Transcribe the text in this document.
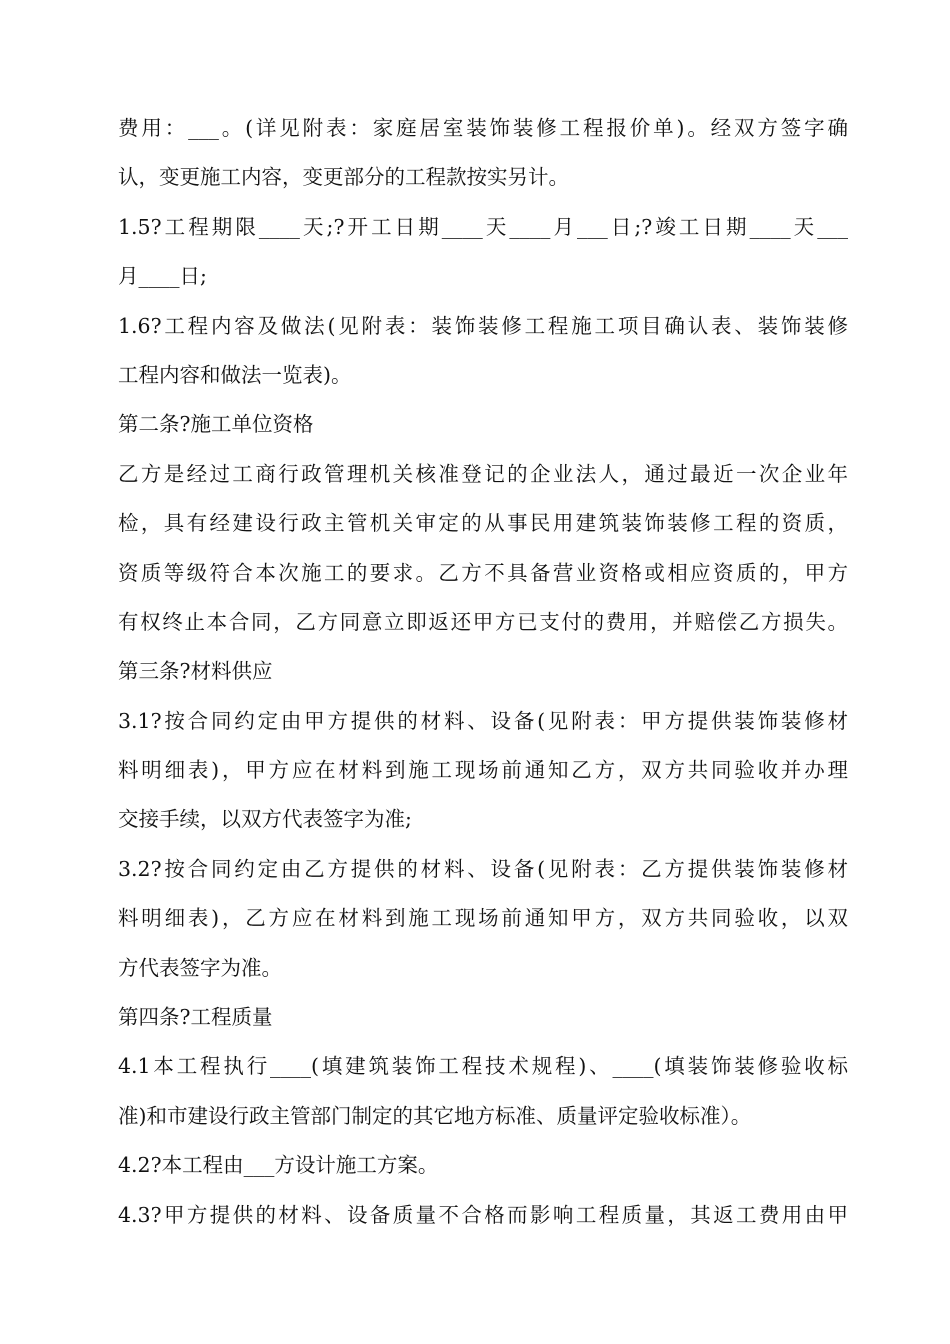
费用：___。(详见附表：家庭居室装饰装修工程报价单)。经双方签字确
认，变更施工内容，变更部分的工程款按实另计。
1.5?工程期限____天;?开工日期____天____月___日;?竣工日期____天___
月____日;
1.6?工程内容及做法(见附表：装饰装修工程施工项目确认表、装饰装修
工程内容和做法一览表)。
第二条?施工单位资格
乙方是经过工商行政管理机关核准登记的企业法人，通过最近一次企业年
检，具有经建设行政主管机关审定的从事民用建筑装饰装修工程的资质，
资质等级符合本次施工的要求。乙方不具备营业资格或相应资质的，甲方
有权终止本合同，乙方同意立即返还甲方已支付的费用，并赔偿乙方损失。
第三条?材料供应
3.1?按合同约定由甲方提供的材料、设备(见附表：甲方提供装饰装修材
料明细表)，甲方应在材料到施工现场前通知乙方，双方共同验收并办理
交接手续，以双方代表签字为准;
3.2?按合同约定由乙方提供的材料、设备(见附表：乙方提供装饰装修材
料明细表)，乙方应在材料到施工现场前通知甲方，双方共同验收，以双
方代表签字为准。
第四条?工程质量
4.1本工程执行____(填建筑装饰工程技术规程)、____(填装饰装修验收标
准)和市建设行政主管部门制定的其它地方标准、质量评定验收标准）。
4.2?本工程由___方设计施工方案。
4.3?甲方提供的材料、设备质量不合格而影响工程质量，其返工费用由甲
